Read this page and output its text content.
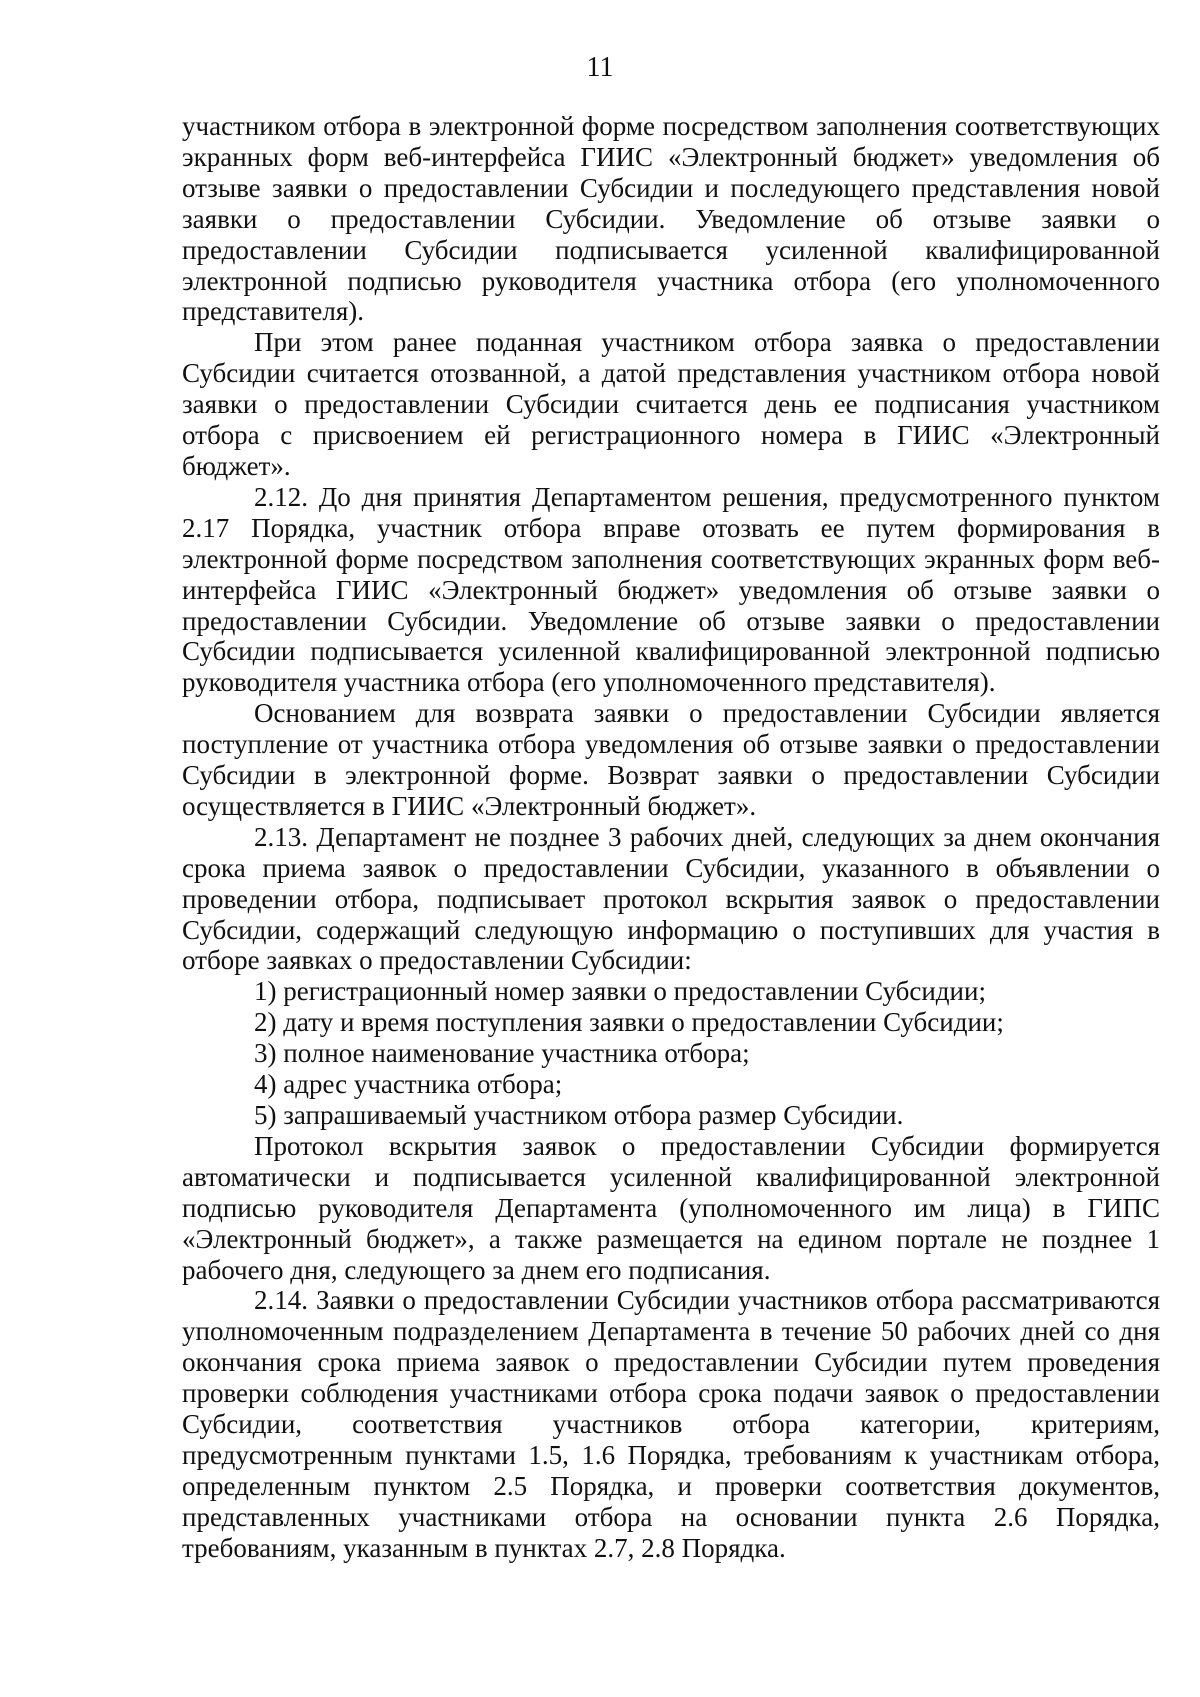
11

участником отбора в электронной форме посредством заполнения соответствующих экранных форм веб-интерфейса ГИИС «Электронный бюджет» уведомления об отзыве заявки о предоставлении Субсидии и последующего представления новой заявки о предоставлении Субсидии. Уведомление об отзыве заявки о предоставлении Субсидии подписывается усиленной квалифицированной электронной подписью руководителя участника отбора (его уполномоченного представителя).

При этом ранее поданная участником отбора заявка о предоставлении Субсидии считается отозванной, а датой представления участником отбора новой заявки о предоставлении Субсидии считается день ее подписания участником отбора с присвоением ей регистрационного номера в ГИИС «Электронный бюджет».

2.12. До дня принятия Департаментом решения, предусмотренного пунктом 2.17 Порядка, участник отбора вправе отозвать ее путем формирования в электронной форме посредством заполнения соответствующих экранных форм веб-интерфейса ГИИС «Электронный бюджет» уведомления об отзыве заявки о предоставлении Субсидии. Уведомление об отзыве заявки о предоставлении Субсидии подписывается усиленной квалифицированной электронной подписью руководителя участника отбора (его уполномоченного представителя).

Основанием для возврата заявки о предоставлении Субсидии является поступление от участника отбора уведомления об отзыве заявки о предоставлении Субсидии в электронной форме. Возврат заявки о предоставлении Субсидии осуществляется в ГИИС «Электронный бюджет».

2.13. Департамент не позднее 3 рабочих дней, следующих за днем окончания срока приема заявок о предоставлении Субсидии, указанного в объявлении о проведении отбора, подписывает протокол вскрытия заявок о предоставлении Субсидии, содержащий следующую информацию о поступивших для участия в отборе заявках о предоставлении Субсидии:

1) регистрационный номер заявки о предоставлении Субсидии;

2) дату и время поступления заявки о предоставлении Субсидии;

3) полное наименование участника отбора;

4) адрес участника отбора;

5) запрашиваемый участником отбора размер Субсидии.

Протокол вскрытия заявок о предоставлении Субсидии формируется автоматически и подписывается усиленной квалифицированной электронной подписью руководителя Департамента (уполномоченного им лица) в ГИПС «Электронный бюджет», а также размещается на едином портале не позднее 1 рабочего дня, следующего за днем его подписания.

2.14. Заявки о предоставлении Субсидии участников отбора рассматриваются уполномоченным подразделением Департамента в течение 50 рабочих дней со дня окончания срока приема заявок о предоставлении Субсидии путем проведения проверки соблюдения участниками отбора срока подачи заявок о предоставлении Субсидии, соответствия участников отбора категории, критериям, предусмотренным пунктами 1.5, 1.6 Порядка, требованиям к участникам отбора, определенным пунктом 2.5 Порядка, и проверки соответствия документов, представленных участниками отбора на основании пункта 2.6 Порядка, требованиям, указанным в пунктах 2.7, 2.8 Порядка.
